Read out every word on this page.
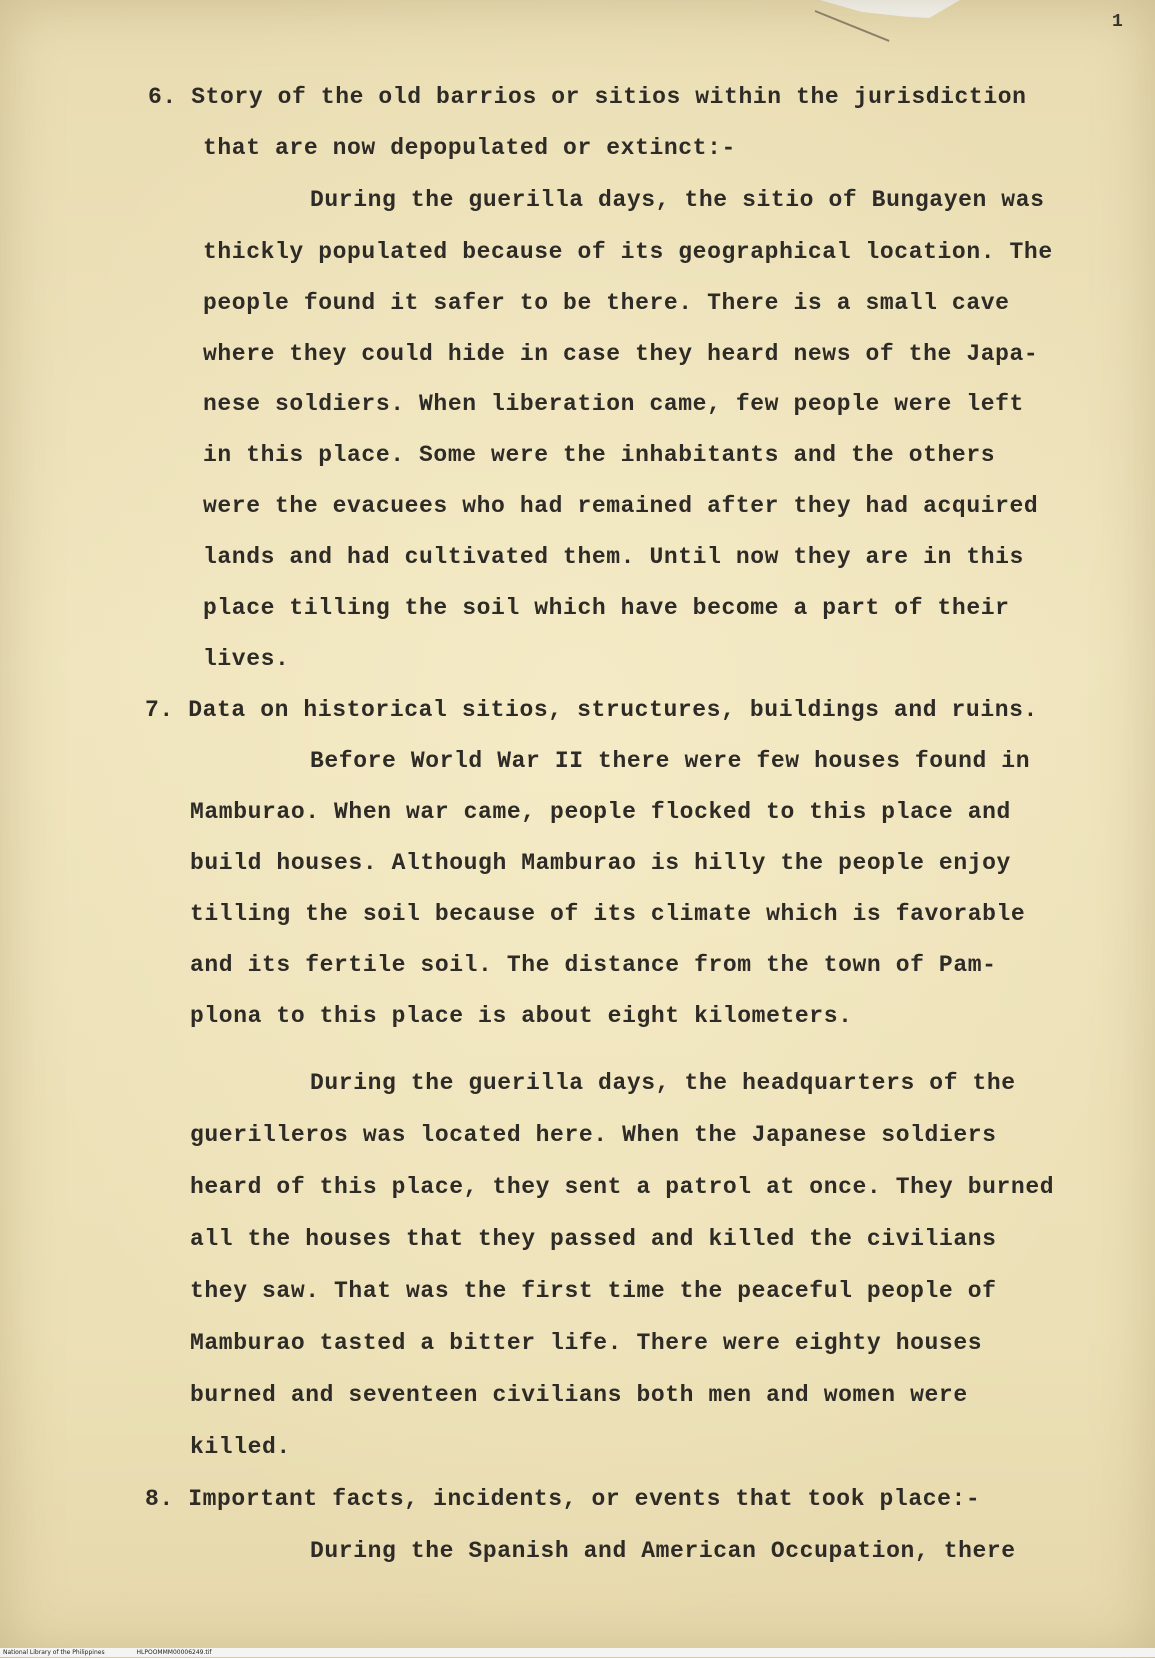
1
6. Story of the old barrios or sitios within the jurisdiction
that are now depopulated or extinct:-
During the guerilla days, the sitio of Bungayen was
thickly populated because of its geographical location. The
people found it safer to be there. There is a small cave
where they could hide in case they heard news of the Japa-
nese soldiers. When liberation came, few people were left
in this place. Some were the inhabitants and the others
were the evacuees who had remained after they had acquired
lands and had cultivated them. Until now they are in this
place tilling the soil which have become a part of their
lives.
7. Data on historical sitios, structures, buildings and ruins.
Before World War II there were few houses found in
Mamburao. When war came, people flocked to this place and
build houses. Although Mamburao is hilly the people enjoy
tilling the soil because of its climate which is favorable
and its fertile soil. The distance from the town of Pam-
plona to this place is about eight kilometers.
During the guerilla days, the headquarters of the
guerilleros was located here. When the Japanese soldiers
heard of this place, they sent a patrol at once. They burned
all the houses that they passed and killed the civilians
they saw. That was the first time the peaceful people of
Mamburao tasted a bitter life. There were eighty houses
burned and seventeen civilians both men and women were
killed.
8. Important facts, incidents, or events that took place:-
During the Spanish and American Occupation, there
National Library of the Philippines	HLPOOMMM00006249.tif
